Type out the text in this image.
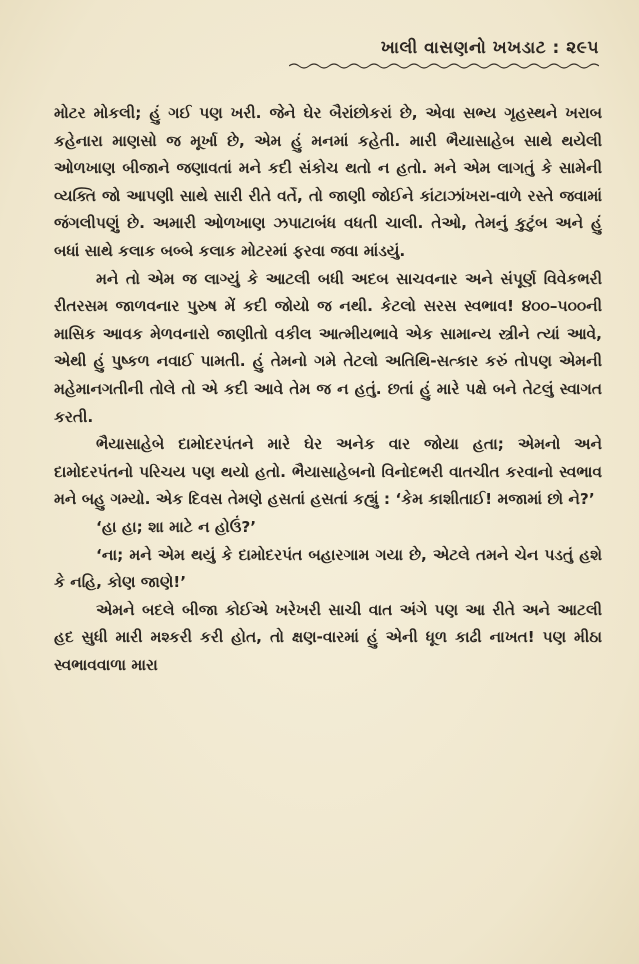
ખાલી વાસણનો ખખડાટ : ૨૯૫

મોટર મોકલી; હું ગઈ પણ ખરી. જેને ઘેર બૈરાંછોકરાં છે, એવા સભ્ય ગૃહસ્થને ખરાબ કહેનારા માણસો જ મૂર્ખા છે, એમ હું મનમાં કહેતી. મારી ભૈયાસાહેબ સાથે થયેલી ઓળખાણ બીજાને જણાવતાં મને કદી સંકોચ થતો ન હતો. મને એમ લાગતું કે સામેની વ્યક્તિ જો આપણી સાથે સારી રીતે વર્તે, તો જાણી જોઈને કાંટાઝાંખરા-વાળે રસ્તે જવામાં જંગલીપણું છે. અમારી ઓળખાણ ઝપાટાબંધ વધતી ચાલી. તેઓ, તેમનું કુટુંબ અને હું બધાં સાથે કલાક બબ્બે કલાક મોટરમાં ફરવા જવા માંડયું.

મને તો એમ જ લાગ્યું કે આટલી બધી અદબ સાચવનાર અને સંપૂર્ણ વિવેકભરી રીતરસમ જાળવનાર પુરુષ મેં કદી જોયો જ નથી. કેટલો સરસ સ્વભાવ! ૪૦૦–૫૦૦ની માસિક આવક મેળવનારો જાણીતો વકીલ આત્મીયભાવે એક સામાન્ય સ્ત્રીને ત્યાં આવે, એથી હું પુષ્કળ નવાઈ પામતી. હું તેમનો ગમે તેટલો અતિથિ-સત્કાર કરું તોપણ એમની મહેમાનગતીની તોલે તો એ કદી આવે તેમ જ ન હતું. છતાં હું મારે પક્ષે બને તેટલું સ્વાગત કરતી.

ભૈયાસાહેબે દામોદરપંતને મારે ઘેર અનેક વાર જોયા હતા; એમનો અને દામોદરપંતનો પરિચય પણ થયો હતો. ભૈયાસાહેબનો વિનોદભરી વાતચીત કરવાનો સ્વભાવ મને બહુ ગમ્યો. એક દિવસ તેમણે હસતાં હસતાં કહ્યું : ‘કેમ કાશીતાઈ! મજામાં છો ને?’

‘હા હા; શા માટે ન હોઉં?’

‘ના; મને એમ થયું કે દામોદરપંત બહારગામ ગયા છે, એટલે તમને ચેન પડતું હશે કે નહિ, કોણ જાણે!’

એમને બદલે બીજા કોઈએ ખરેખરી સાચી વાત અંગે પણ આ રીતે અને આટલી હદ સુધી મારી મશ્કરી કરી હોત, તો ક્ષણ-વારમાં હું એની ધૂળ કાઢી નાખત! પણ મીઠા સ્વભાવવાળા મારા
